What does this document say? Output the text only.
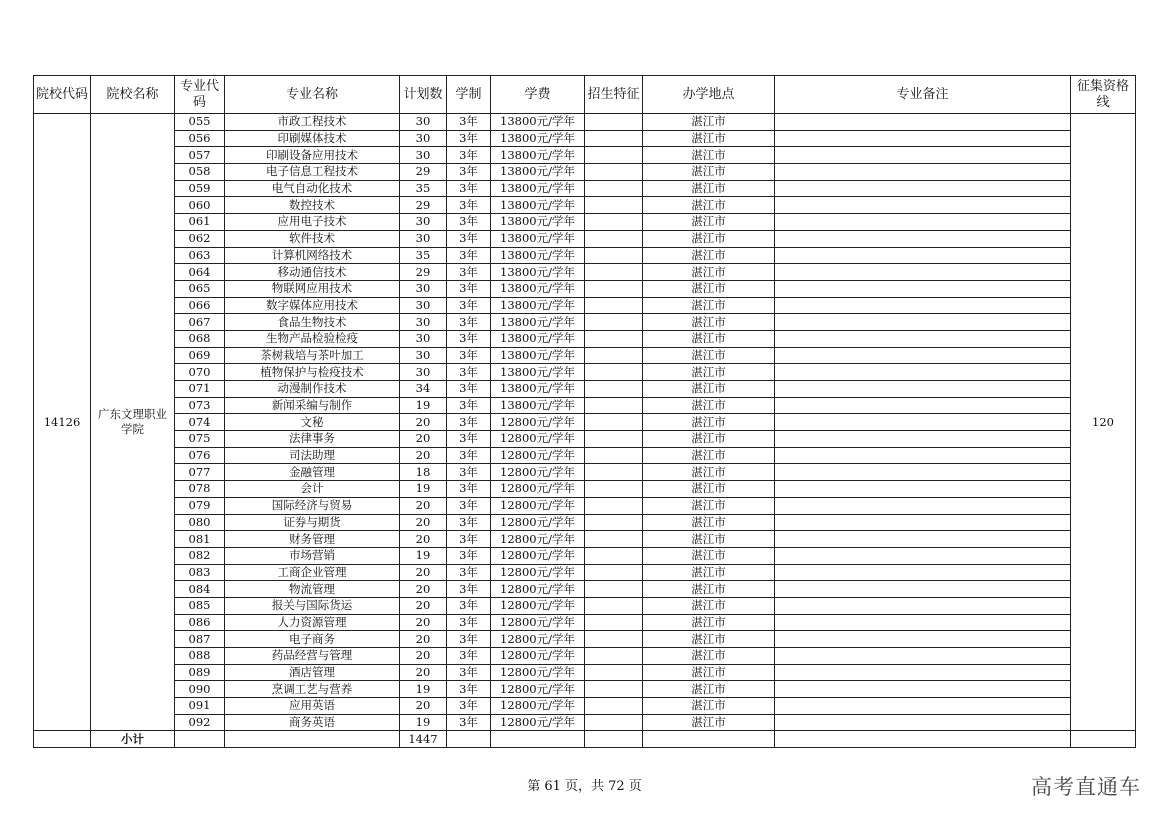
院校代码	院校名称	专业代码	专业名称	计划数	学制	学费	招生特征	办学地点	专业备注	征集资格线
14126	广东文理职业学院	055	市政工程技术	30	3年	13800元/学年		湛江市		120
		056	印刷媒体技术	30	3年	13800元/学年		湛江市		
		057	印刷设备应用技术	30	3年	13800元/学年		湛江市		
		058	电子信息工程技术	29	3年	13800元/学年		湛江市		
		059	电气自动化技术	35	3年	13800元/学年		湛江市		
		060	数控技术	29	3年	13800元/学年		湛江市		
		061	应用电子技术	30	3年	13800元/学年		湛江市		
		062	软件技术	30	3年	13800元/学年		湛江市		
		063	计算机网络技术	35	3年	13800元/学年		湛江市		
		064	移动通信技术	29	3年	13800元/学年		湛江市		
		065	物联网应用技术	30	3年	13800元/学年		湛江市		
		066	数字媒体应用技术	30	3年	13800元/学年		湛江市		
		067	食品生物技术	30	3年	13800元/学年		湛江市		
		068	生物产品检验检疫	30	3年	13800元/学年		湛江市		
		069	茶树栽培与茶叶加工	30	3年	13800元/学年		湛江市		
		070	植物保护与检疫技术	30	3年	13800元/学年		湛江市		
		071	动漫制作技术	34	3年	13800元/学年		湛江市		
		073	新闻采编与制作	19	3年	13800元/学年		湛江市		
		074	文秘	20	3年	12800元/学年		湛江市		
		075	法律事务	20	3年	12800元/学年		湛江市		
		076	司法助理	20	3年	12800元/学年		湛江市		
		077	金融管理	18	3年	12800元/学年		湛江市		
		078	会计	19	3年	12800元/学年		湛江市		
		079	国际经济与贸易	20	3年	12800元/学年		湛江市		
		080	证券与期货	20	3年	12800元/学年		湛江市		
		081	财务管理	20	3年	12800元/学年		湛江市		
		082	市场营销	19	3年	12800元/学年		湛江市		
		083	工商企业管理	20	3年	12800元/学年		湛江市		
		084	物流管理	20	3年	12800元/学年		湛江市		
		085	报关与国际货运	20	3年	12800元/学年		湛江市		
		086	人力资源管理	20	3年	12800元/学年		湛江市		
		087	电子商务	20	3年	12800元/学年		湛江市		
		088	药品经营与管理	20	3年	12800元/学年		湛江市		
		089	酒店管理	20	3年	12800元/学年		湛江市		
		090	烹调工艺与营养	19	3年	12800元/学年		湛江市		
		091	应用英语	20	3年	12800元/学年		湛江市		
		092	商务英语	19	3年	12800元/学年		湛江市		
	小计			1447						
第 61 页，共 72 页	高考直通车
